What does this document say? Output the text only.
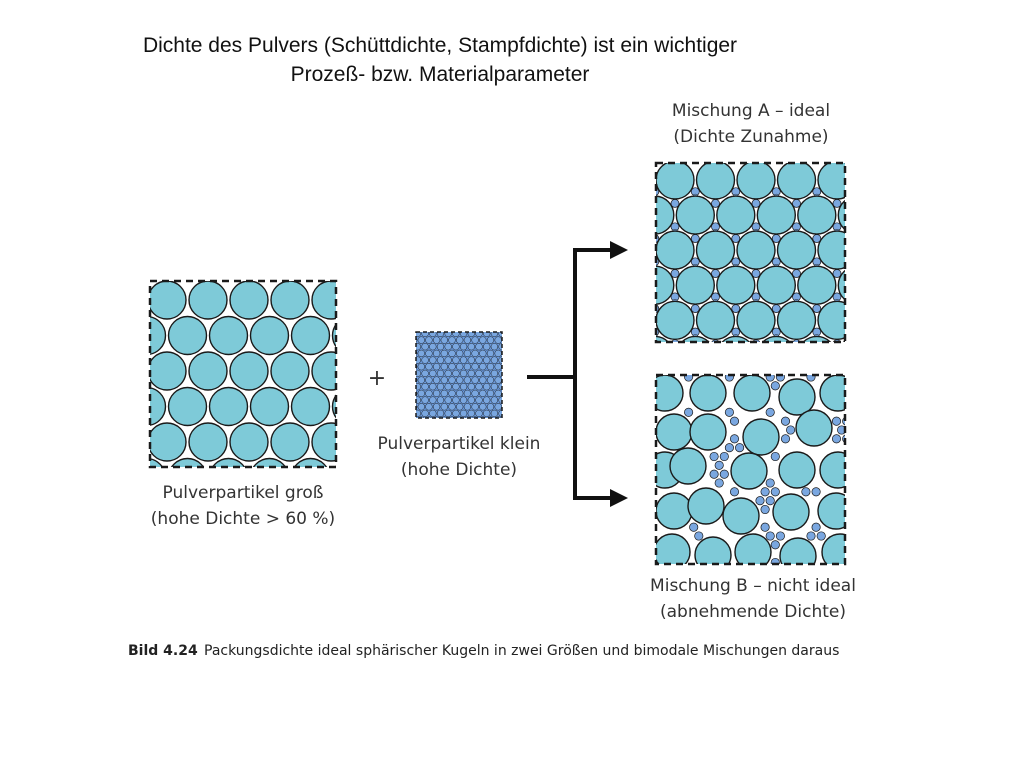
Dichte des Pulvers (Schüttdichte, Stampfdichte) ist ein wichtiger
Prozeß- bzw. Materialparameter
Pulverpartikel groß
(hohe Dichte > 60 %)
+
Pulverpartikel klein
(hohe Dichte)
Mischung A – ideal
(Dichte Zunahme)
Mischung B – nicht ideal
(abnehmende Dichte)
Bild 4.24 Packungsdichte ideal sphärischer Kugeln in zwei Größen und bimodale Mischungen daraus
